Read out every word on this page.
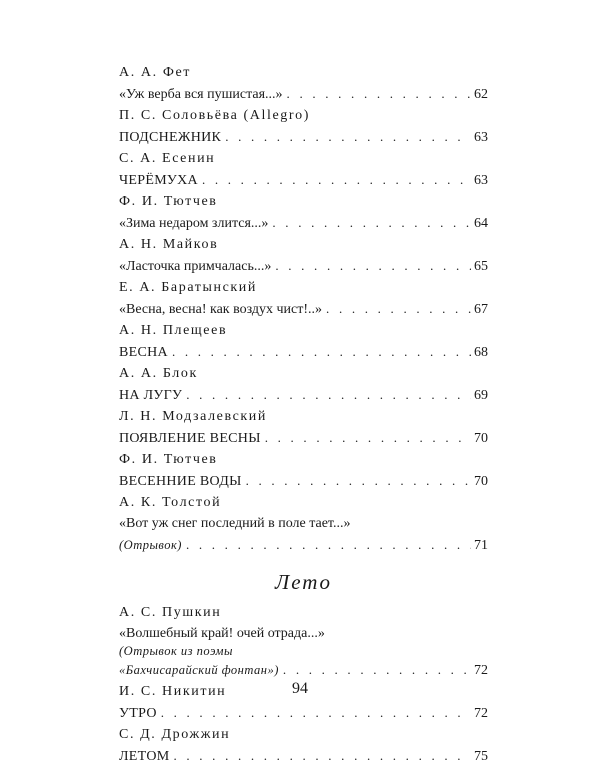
А. А. Фет
«Уж верба вся пушистая...» . . .	62
П. С. Соловьёва (Allegro)
ПОДСНЕЖНИК . . .	63
С. А. Есенин
ЧЕРЁМУХА . . .	63
Ф. И. Тютчев
«Зима недаром злится...» . . .	64
А. Н. Майков
«Ласточка примчалась...» . . .	65
Е. А. Баратынский
«Весна, весна! как воздух чист!..» . . .	67
А. Н. Плещеев
ВЕСНА . . .	68
А. А. Блок
НА ЛУГУ . . .	69
Л. Н. Модзалевский
ПОЯВЛЕНИЕ ВЕСНЫ . . .	70
Ф. И. Тютчев
ВЕСЕННИЕ ВОДЫ . . .	70
А. К. Толстой
«Вот уж снег последний в поле тает...»
(Отрывок) . . .	71
Лето
А. С. Пушкин
«Волшебный край! очей отрада...»
(Отрывок из поэмы
«Бахчисарайский фонтан») . . .	72
И. С. Никитин
УТРО . . .	72
С. Д. Дрожжин
ЛЕТОМ . . .	75
94
